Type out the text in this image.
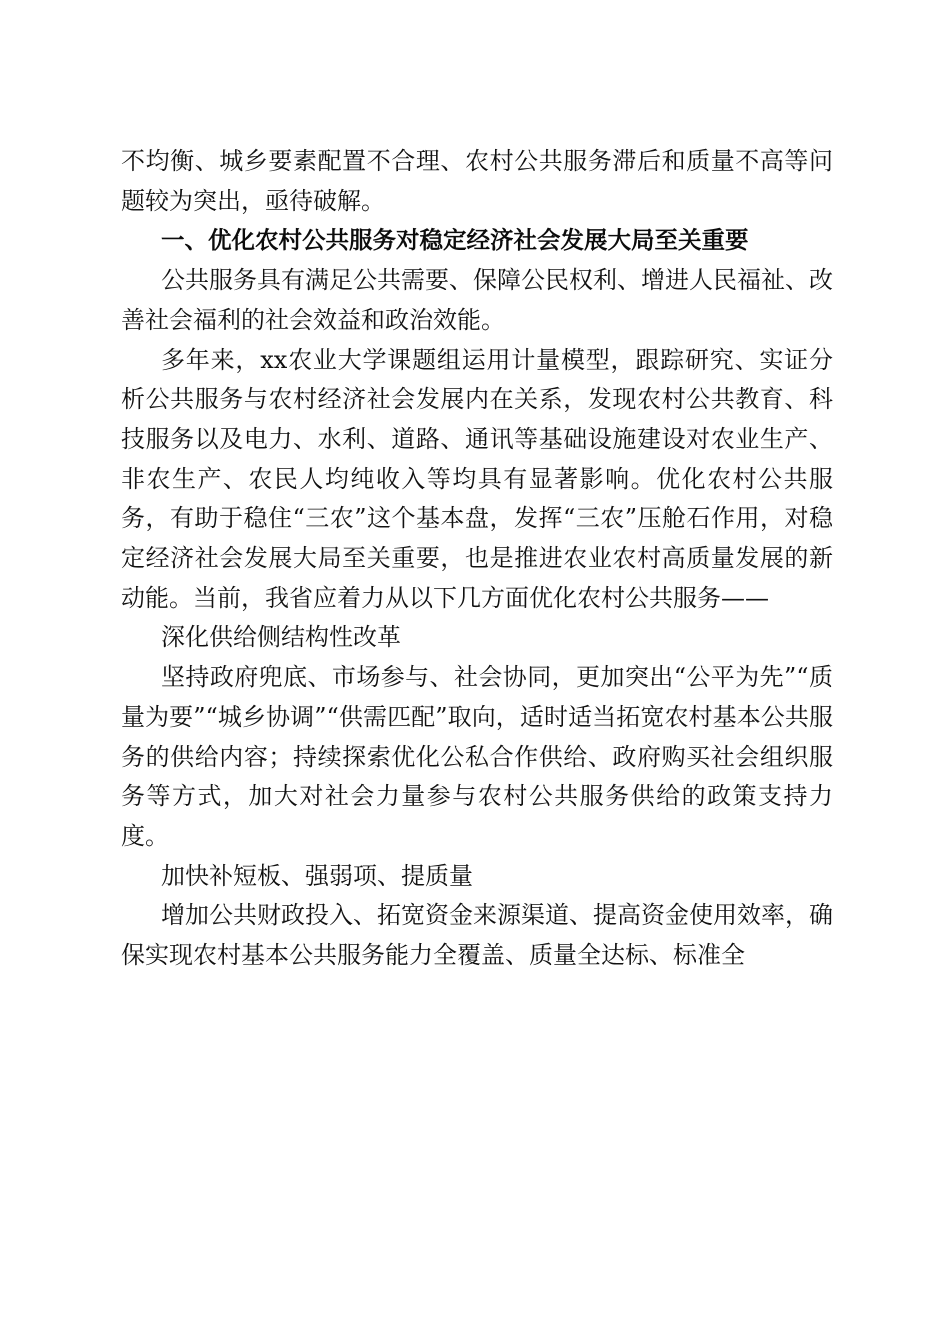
不均衡、城乡要素配置不合理、农村公共服务滞后和质量不高等问题较为突出，亟待破解。

一、优化农村公共服务对稳定经济社会发展大局至关重要

公共服务具有满足公共需要、保障公民权利、增进人民福祉、改善社会福利的社会效益和政治效能。

多年来，xx农业大学课题组运用计量模型，跟踪研究、实证分析公共服务与农村经济社会发展内在关系，发现农村公共教育、科技服务以及电力、水利、道路、通讯等基础设施建设对农业生产、非农生产、农民人均纯收入等均具有显著影响。优化农村公共服务，有助于稳住“三农”这个基本盘，发挥“三农”压舱石作用，对稳定经济社会发展大局至关重要，也是推进农业农村高质量发展的新动能。当前，我省应着力从以下几方面优化农村公共服务——

深化供给侧结构性改革

坚持政府兜底、市场参与、社会协同，更加突出“公平为先”“质量为要”“城乡协调”“供需匹配”取向，适时适当拓宽农村基本公共服务的供给内容；持续探索优化公私合作供给、政府购买社会组织服务等方式，加大对社会力量参与农村公共服务供给的政策支持力度。

加快补短板、强弱项、提质量

增加公共财政投入、拓宽资金来源渠道、提高资金使用效率，确保实现农村基本公共服务能力全覆盖、质量全达标、标准全
